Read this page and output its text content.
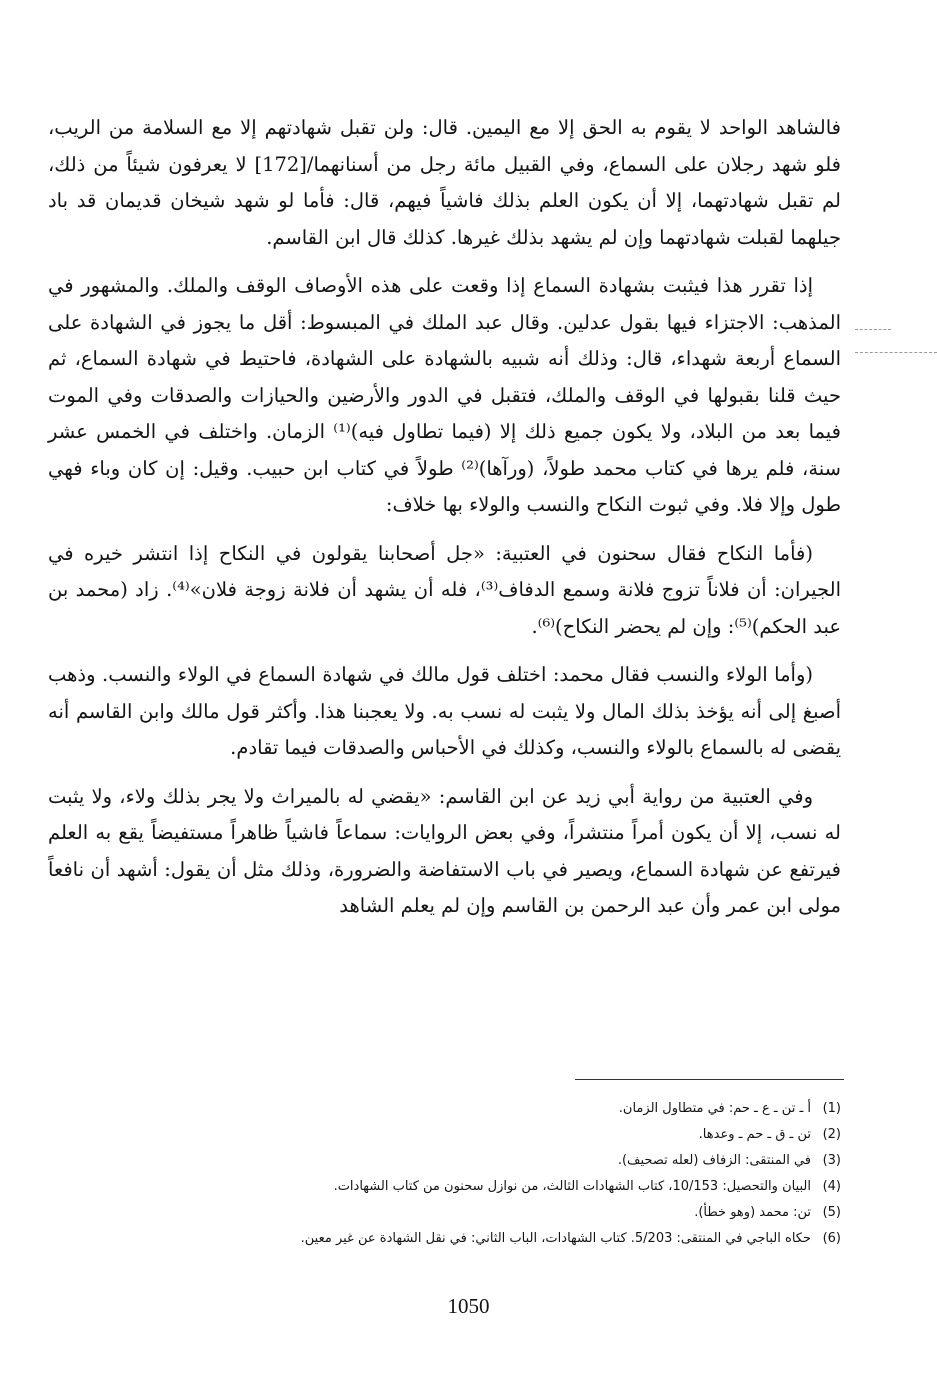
فالشاهد الواحد لا يقوم به الحق إلا مع اليمين. قال: ولن تقبل شهادتهم إلا مع السلامة من الريب، فلو شهد رجلان على السماع، وفي القبيل مائة رجل من أسنانهما/[172] لا يعرفون شيئاً من ذلك، لم تقبل شهادتهما، إلا أن يكون العلم بذلك فاشياً فيهم، قال: فأما لو شهد شيخان قديمان قد باد جيلهما لقبلت شهادتهما وإن لم يشهد بذلك غيرها. كذلك قال ابن القاسم.

إذا تقرر هذا فيثبت بشهادة السماع إذا وقعت على هذه الأوصاف الوقف والملك. والمشهور في المذهب: الاجتزاء فيها بقول عدلين. وقال عبد الملك في المبسوط: أقل ما يجوز في الشهادة على السماع أربعة شهداء، قال: وذلك أنه شبيه بالشهادة على الشهادة، فاحتيط في شهادة السماع، ثم حيث قلنا بقبولها في الوقف والملك، فتقبل في الدور والأرضين والحيازات والصدقات وفي الموت فيما بعد من البلاد، ولا يكون جميع ذلك إلا (فيما تطاول فيه)⁽¹⁾ الزمان. واختلف في الخمس عشر سنة، فلم يرها في كتاب محمد طولاً، (ورآها)⁽²⁾ طولاً في كتاب ابن حبيب. وقيل: إن كان وباء فهي طول وإلا فلا. وفي ثبوت النكاح والنسب والولاء بها خلاف:

(فأما النكاح فقال سحنون في العتبية: «جل أصحابنا يقولون في النكاح إذا انتشر خيره في الجيران: أن فلاناً تزوج فلانة وسمع الدفاف⁽³⁾، فله أن يشهد أن فلانة زوجة فلان»⁽⁴⁾. زاد (محمد بن عبد الحكم)⁽⁵⁾: وإن لم يحضر النكاح)⁽⁶⁾.

(وأما الولاء والنسب فقال محمد: اختلف قول مالك في شهادة السماع في الولاء والنسب. وذهب أصبغ إلى أنه يؤخذ بذلك المال ولا يثبت له نسب به. ولا يعجبنا هذا. وأكثر قول مالك وابن القاسم أنه يقضى له بالسماع بالولاء والنسب، وكذلك في الأحباس والصدقات فيما تقادم.

وفي العتبية من رواية أبي زيد عن ابن القاسم: «يقضي له بالميراث ولا يجر بذلك ولاء، ولا يثبت له نسب، إلا أن يكون أمراً منتشراً، وفي بعض الروايات: سماعاً فاشياً ظاهراً مستفيضاً يقع به العلم فيرتفع عن شهادة السماع، ويصير في باب الاستفاضة والضرورة، وذلك مثل أن يقول: أشهد أن نافعاً مولى ابن عمر وأن عبد الرحمن بن القاسم وإن لم يعلم الشاهد

(1)
أ ـ تن ـ ع ـ حم: في متطاول الزمان.
(2)
تن ـ ق ـ حم ـ وعدها.
(3)
في المنتقى: الزفاف (لعله تصحيف).
(4)
البيان والتحصيل: 10/153، كتاب الشهادات الثالث، من نوازل سحنون من كتاب الشهادات.
(5)
تن: محمد (وهو خطأ).
(6)
حكاه الباجي في المنتقى: 5/203. كتاب الشهادات، الباب الثاني: في نقل الشهادة عن غير معين.
1050
